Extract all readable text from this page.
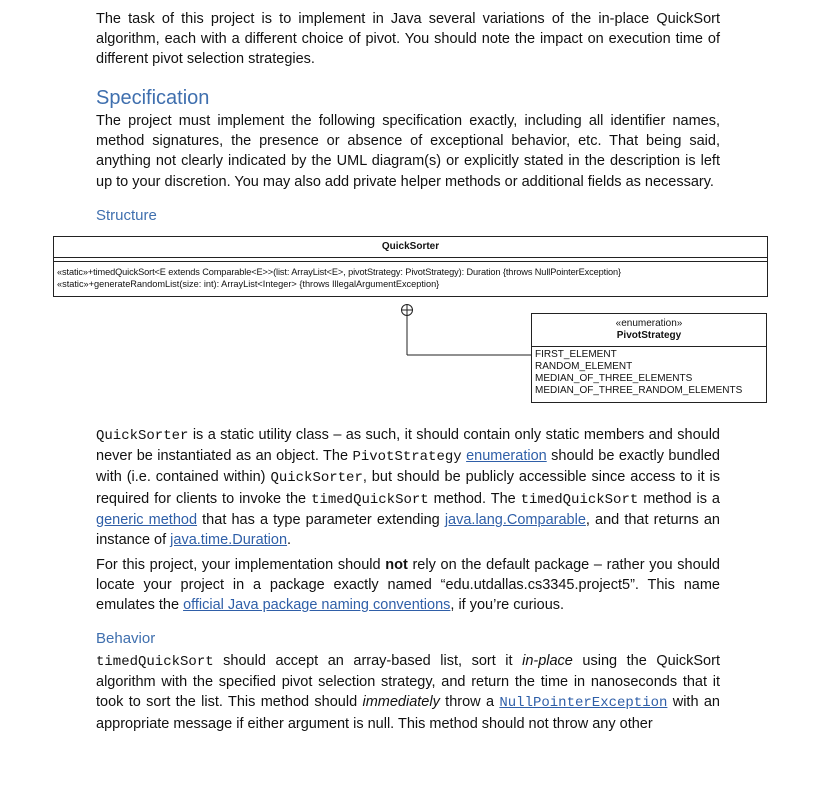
The task of this project is to implement in Java several variations of the in-place QuickSort algorithm, each with a different choice of pivot. You should note the impact on execution time of different pivot selection strategies.

Specification

The project must implement the following specification exactly, including all identifier names, method signatures, the presence or absence of exceptional behavior, etc. That being said, anything not clearly indicated by the UML diagram(s) or explicitly stated in the description is left up to your discretion. You may also add private helper methods or additional fields as necessary.

Structure
QuickSorter
«static»+timedQuickSort<E extends Comparable<E>>(list: ArrayList<E>, pivotStrategy: PivotStrategy): Duration {throws NullPointerException}
«static»+generateRandomList(size: int): ArrayList<Integer> {throws IllegalArgumentException}
«enumeration»
PivotStrategy
FIRST_ELEMENT
RANDOM_ELEMENT
MEDIAN_OF_THREE_ELEMENTS
MEDIAN_OF_THREE_RANDOM_ELEMENTS

QuickSorter is a static utility class – as such, it should contain only static members and should never be instantiated as an object. The PivotStrategy enumeration should be exactly bundled with (i.e. contained within) QuickSorter, but should be publicly accessible since access to it is required for clients to invoke the timedQuickSort method. The timedQuickSort method is a generic method that has a type parameter extending java.lang.Comparable, and that returns an instance of java.time.Duration.

For this project, your implementation should not rely on the default package – rather you should locate your project in a package exactly named “edu.utdallas.cs3345.project5”. This name emulates the official Java package naming conventions, if you’re curious.

Behavior

timedQuickSort should accept an array-based list, sort it in-place using the QuickSort algorithm with the specified pivot selection strategy, and return the time in nanoseconds that it took to sort the list. This method should immediately throw a NullPointerException with an appropriate message if either argument is null. This method should not throw any other
